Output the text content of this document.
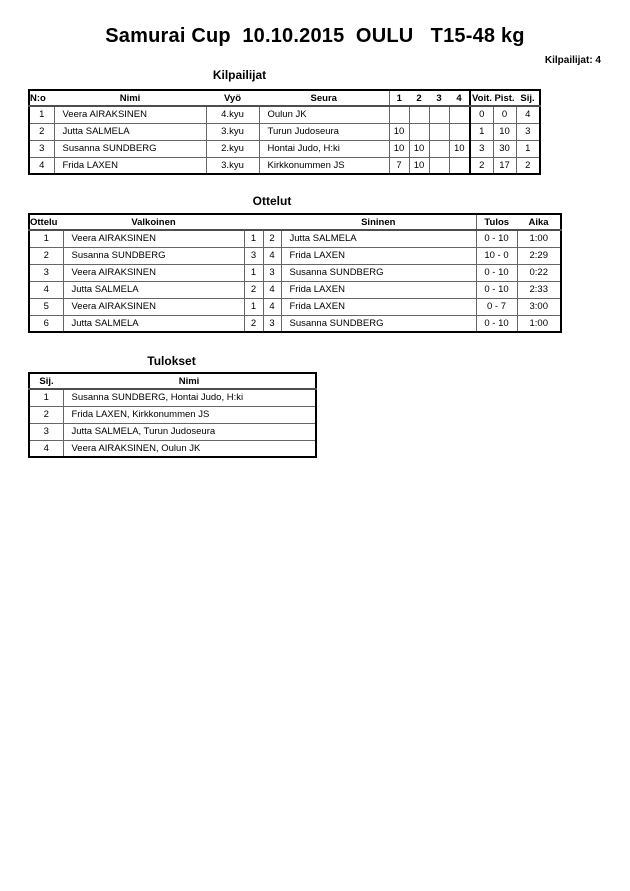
Samurai Cup  10.10.2015  OULU   T15-48 kg
Kilpailijat: 4
Kilpailijat
N:o	Nimi	Vyö	Seura	1	2	3	4	Voit.	Pist.	Sij.
1	Veera AIRAKSINEN	4.kyu	Oulun JK					0	0	4
2	Jutta SALMELA	3.kyu	Turun Judoseura	10				1	10	3
3	Susanna SUNDBERG	2.kyu	Hontai Judo, H:ki	10	10		10	3	30	1
4	Frida LAXEN	3.kyu	Kirkkonummen JS	7	10			2	17	2
Ottelut
Ottelu	Valkoinen			Sininen	Tulos	Aika
1	Veera AIRAKSINEN	1	2	Jutta SALMELA	0 - 10	1:00
2	Susanna SUNDBERG	3	4	Frida LAXEN	10 - 0	2:29
3	Veera AIRAKSINEN	1	3	Susanna SUNDBERG	0 - 10	0:22
4	Jutta SALMELA	2	4	Frida LAXEN	0 - 10	2:33
5	Veera AIRAKSINEN	1	4	Frida LAXEN	0 - 7	3:00
6	Jutta SALMELA	2	3	Susanna SUNDBERG	0 - 10	1:00
Tulokset
Sij.	Nimi
1	Susanna SUNDBERG, Hontai Judo, H:ki
2	Frida LAXEN, Kirkkonummen JS
3	Jutta SALMELA, Turun Judoseura
4	Veera AIRAKSINEN, Oulun JK
